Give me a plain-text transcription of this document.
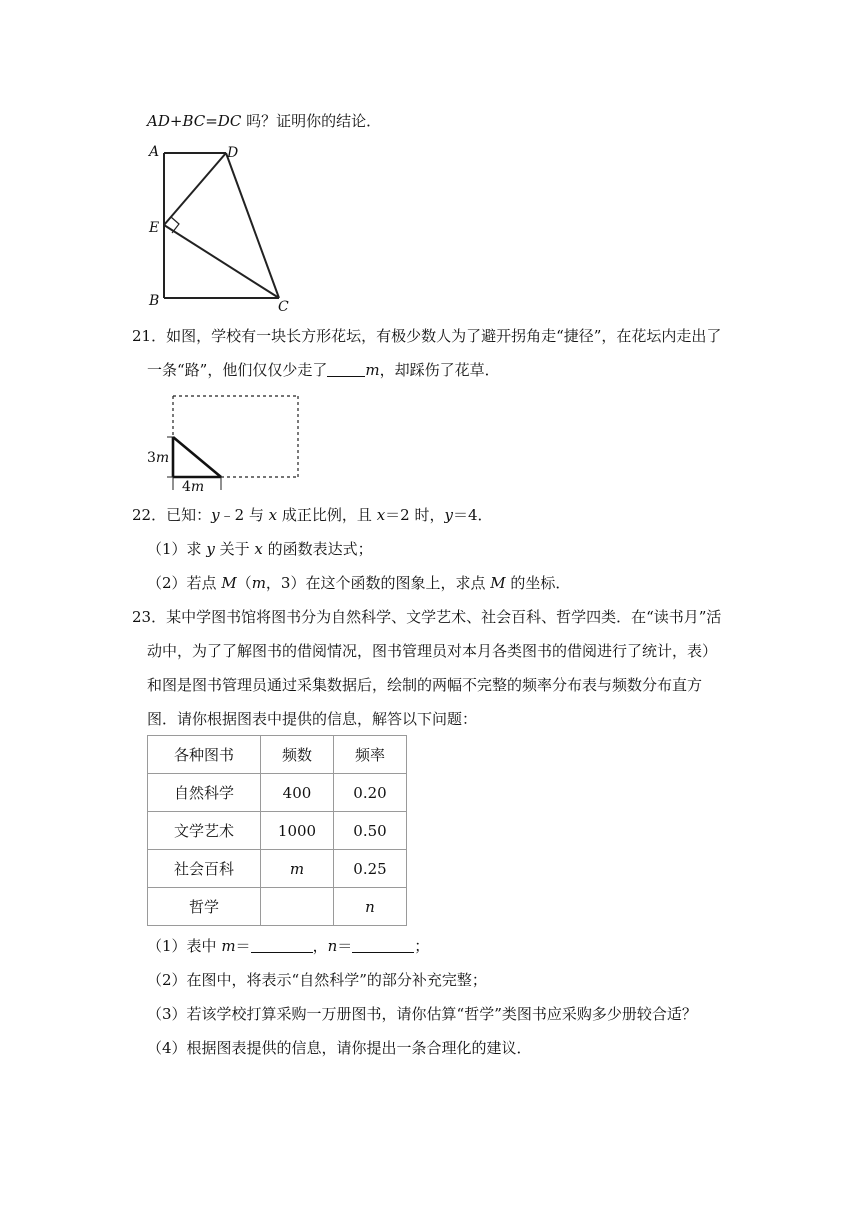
AD+BC=DC 吗？证明你的结论．
A	D
E
B	C
21．如图，学校有一块长方形花坛，有极少数人为了避开拐角走“捷径”，在花坛内走出了
一条“路”，他们仅仅少走了	m，却踩伤了花草．
3m
4m
22．已知：y﹣2 与 x 成正比例，且 x＝2 时，y＝4．
（1）求 y 关于 x 的函数表达式；
（2）若点 M（m，3）在这个函数的图象上，求点 M 的坐标．
23．某中学图书馆将图书分为自然科学、文学艺术、社会百科、哲学四类．在“读书月”活
动中，为了了解图书的借阅情况，图书管理员对本月各类图书的借阅进行了统计，表）
和图是图书管理员通过采集数据后，绘制的两幅不完整的频率分布表与频数分布直方
图．请你根据图表中提供的信息，解答以下问题：
各种图书	频数	频率
自然科学	400	0.20
文学艺术	1000	0.50
社会百科	m	0.25
哲学		n
（1）表中 m＝	，n＝	；
（2）在图中，将表示“自然科学”的部分补充完整；
（3）若该学校打算采购一万册图书，请你估算“哲学”类图书应采购多少册较合适？
（4）根据图表提供的信息，请你提出一条合理化的建议．
